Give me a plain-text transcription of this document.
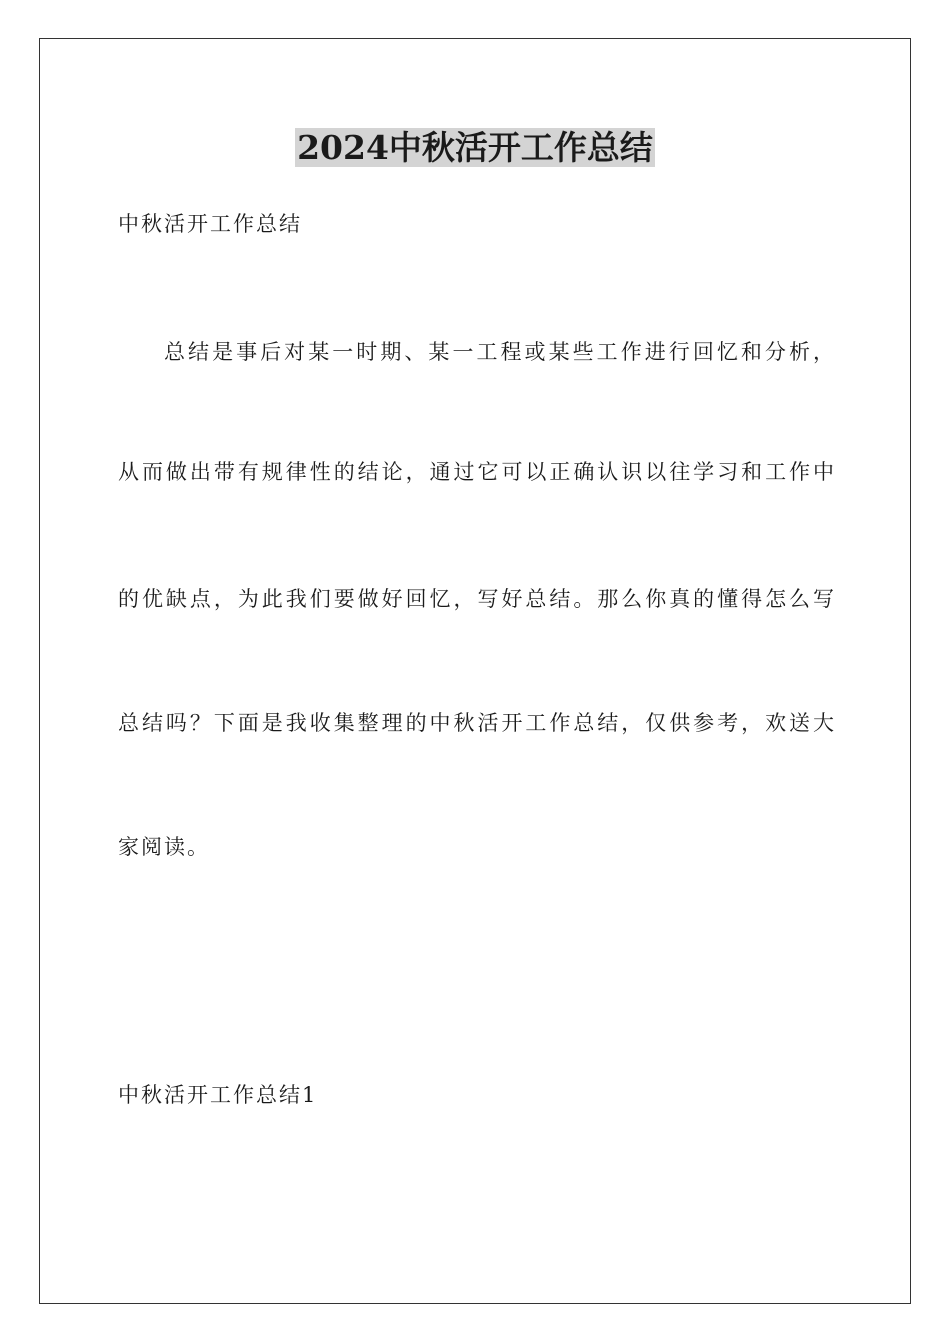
2024中秋活开工作总结

中秋活开工作总结

总结是事后对某一时期、某一工程或某些工作进行回忆和分析，

从而做出带有规律性的结论，通过它可以正确认识以往学习和工作中

的优缺点，为此我们要做好回忆，写好总结。那么你真的懂得怎么写

总结吗？下面是我收集整理的中秋活开工作总结，仅供参考，欢送大

家阅读。

中秋活开工作总结1
